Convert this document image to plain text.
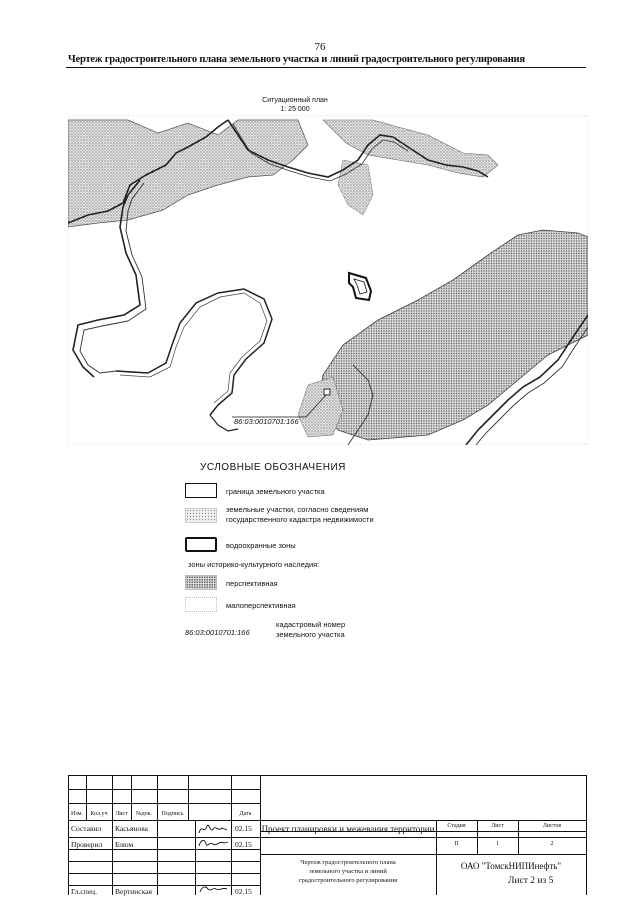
76
Чертеж градостроительного плана земельного участка и линий градостроительного регулирования
Ситуационный план
1: 25 000
86:03:0010701:166
УСЛОВНЫЕ ОБОЗНАЧЕНИЯ
граница земельного участка
земельные участки, согласно сведениям
государственного кадастра недвижимости
водоохранные зоны
зоны историко-культурного наследия:
перспективная
малоперспективная
86:03:0010701:166
кадастровый номер
земельного участка
Изм.	Кол.уч	Лист	№док.	Подпись	Дата
Составил Касьянова	02.15
Проверил Блюм	02.15
Гл.спец. Вертинская	02.15
Проект планировки и межевания территории	Стадия	Лист	Листов
П	1	2
Чертеж градостроительного плана
земельного участка и линий
градостроительного регулирования
ОАО "ТомскНИПИнефть"
Лист 2 из 5
